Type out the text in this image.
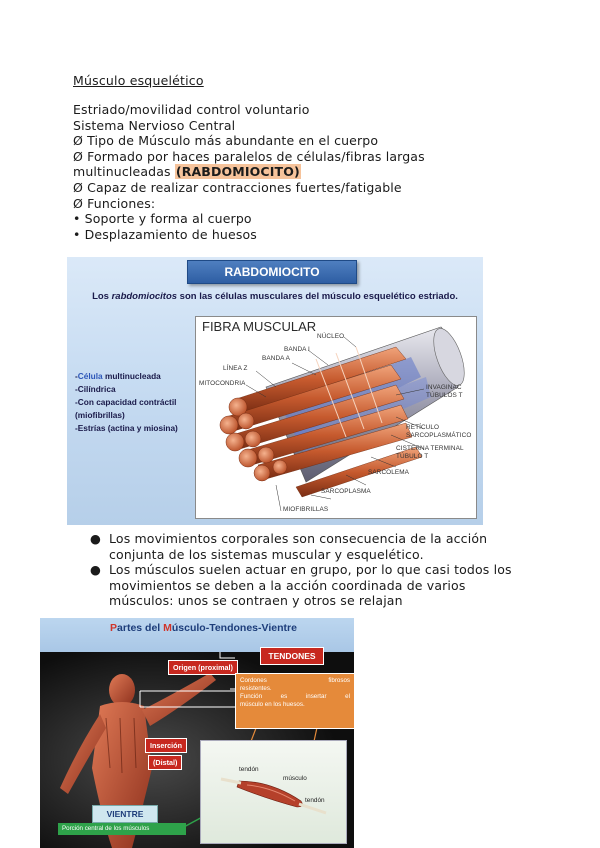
Músculo esquelético
Estriado/movilidad control voluntario
Sistema Nervioso Central
Ø Tipo de Músculo más abundante en el cuerpo
Ø Formado por haces paralelos de células/fibras largas
multinucleadas (RABDOMIOCITO)
Ø Capaz de realizar contracciones fuertes/fatigable
Ø Funciones:
• Soporte y forma al cuerpo
• Desplazamiento de huesos
RABDOMIOCITO
Los rabdomiocitos son las células musculares del músculo esquelético estriado.
-Célula multinucleada
-Cilíndrica
-Con capacidad contráctil
(miofibrillas)
-Estrías (actina y miosina)
FIBRA MUSCULAR
NÚCLEO
BANDA I
BANDA A
LÍNEA Z
MITOCONDRIA
INVAGINAC
TÚBULOS T
RETÍCULO
SARCOPLASMÁTICO
CISTERNA TERMINAL
TÚBULO T
SARCOLEMA
SARCOPLASMA
MIOFIBRILLAS
● Los movimientos corporales son consecuencia de la acción
conjunta de los sistemas muscular y esquelético.
● Los músculos suelen actuar en grupo, por lo que casi todos los
movimientos se deben a la acción coordinada de varios
músculos: unos se contraen y otros se relajan
Partes del Músculo-Tendones-Vientre
TENDONES
Origen (proximal)
Cordones	fibrosos
resistentes.
Función	es	insertar	el
músculo en los huesos.
Inserción
(Distal)
tendón
músculo
tendón
VIENTRE
Porción central de los músculos
